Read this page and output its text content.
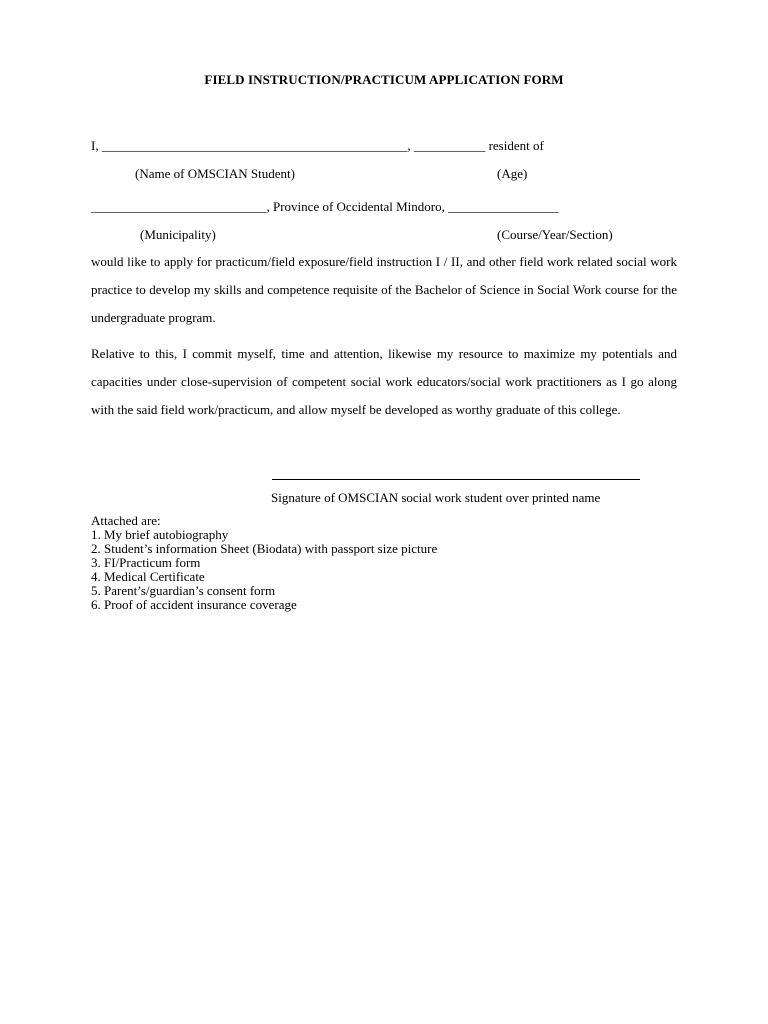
FIELD INSTRUCTION/PRACTICUM APPLICATION FORM
I, _______________________________________________, ___________ resident of
(Name of OMSCIAN Student)	(Age)
___________________________, Province of Occidental Mindoro, _________________
(Municipality)	(Course/Year/Section)
would like to apply for practicum/field exposure/field instruction I / II, and other field work related social work practice to develop my skills and competence requisite of the Bachelor of Science in Social Work course for the undergraduate program.
Relative to this, I commit myself, time and attention, likewise my resource to maximize my potentials and capacities under close-supervision of competent social work educators/social work practitioners as I go along with the said field work/practicum, and allow myself be developed as worthy graduate of this college.
Signature of OMSCIAN social work student over printed name
Attached are:
1. My brief autobiography
2. Student’s information Sheet (Biodata) with passport size picture
3. FI/Practicum form
4. Medical Certificate
5. Parent’s/guardian’s consent form
6. Proof of accident insurance coverage
